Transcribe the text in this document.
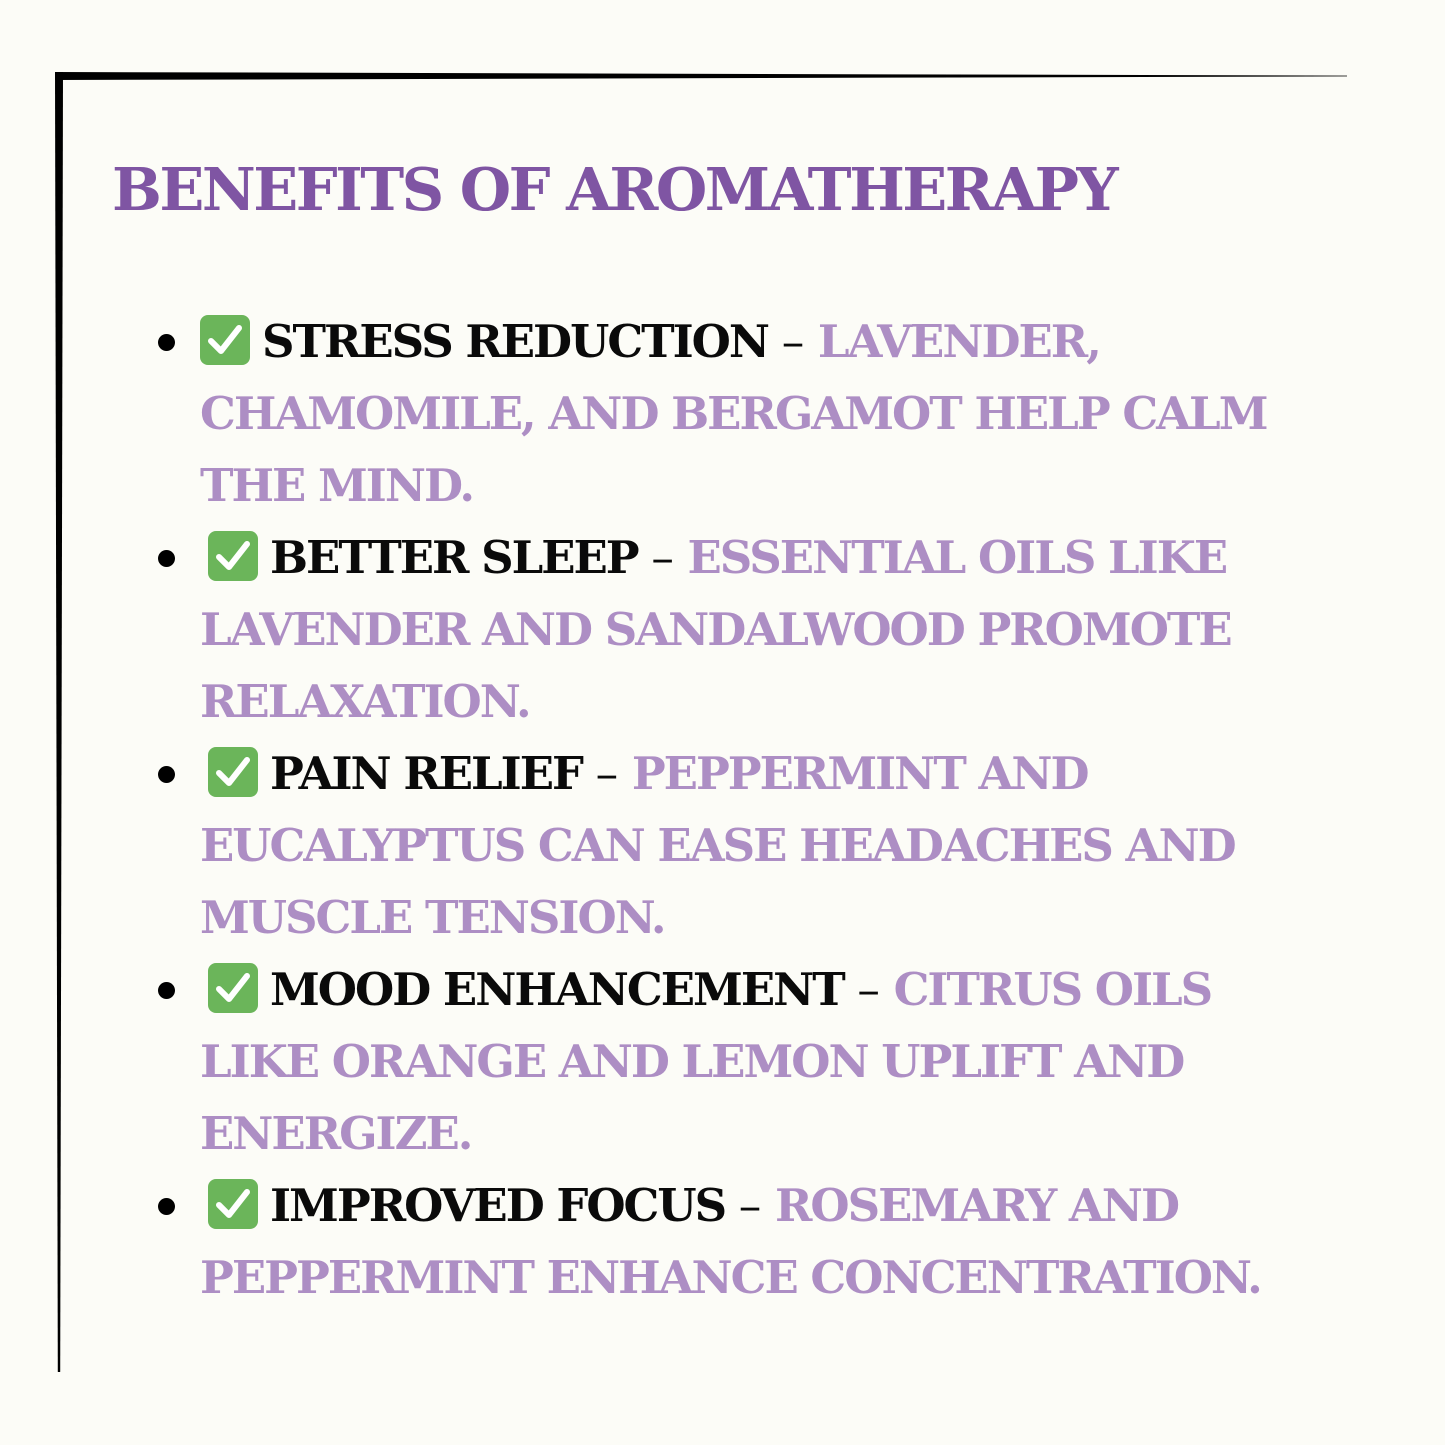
BENEFITS OF AROMATHERAPY
STRESS REDUCTION – LAVENDER, CHAMOMILE, AND BERGAMOT HELP CALM THE MIND.
BETTER SLEEP – ESSENTIAL OILS LIKE LAVENDER AND SANDALWOOD PROMOTE RELAXATION.
PAIN RELIEF – PEPPERMINT AND EUCALYPTUS CAN EASE HEADACHES AND MUSCLE TENSION.
MOOD ENHANCEMENT – CITRUS OILS LIKE ORANGE AND LEMON UPLIFT AND ENERGIZE.
IMPROVED FOCUS – ROSEMARY AND PEPPERMINT ENHANCE CONCENTRATION.
